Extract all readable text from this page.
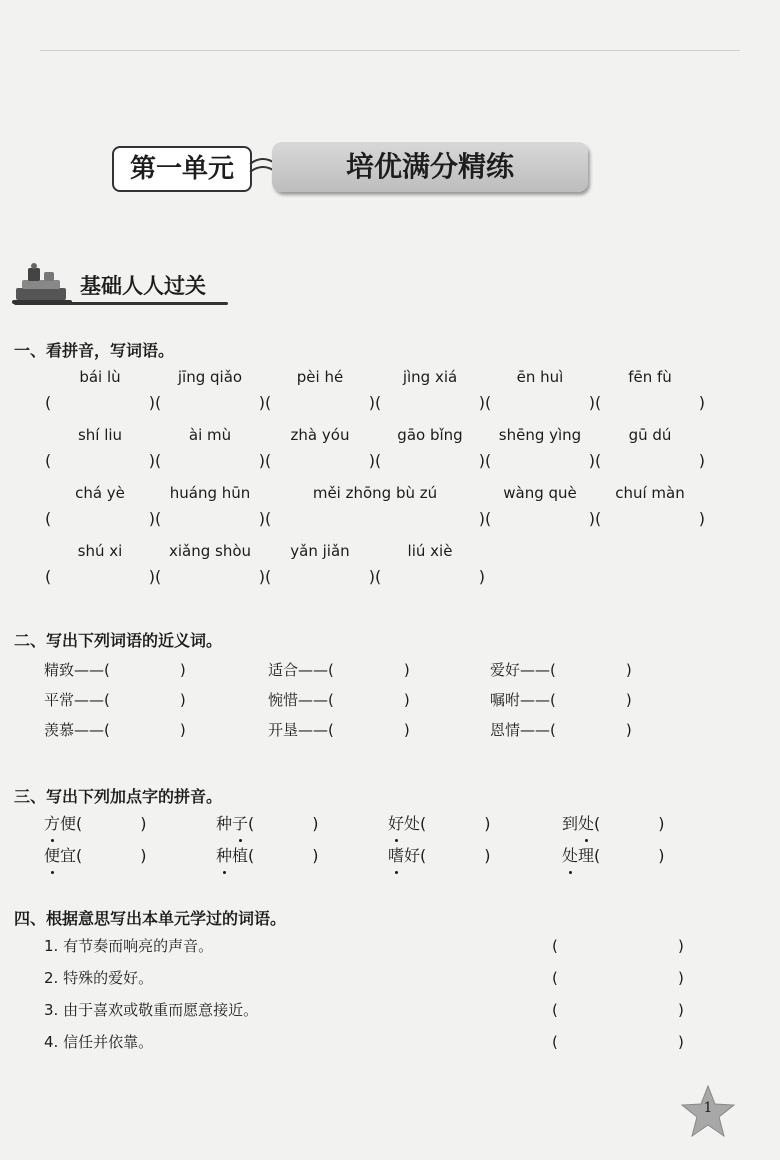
第一单元	培优满分精练
基础人人过关
一、看拼音，写词语。
bái lù
(	)
jīng qiǎo
(	)
pèi hé
(	)
jìng xiá
(	)
ēn huì
(	)
fēn fù
(	)
shí liu
(	)
ài mù
(	)
zhà yóu
(	)
gāo bǐng
(	)
shēng yìng
(	)
gū dú
(	)
chá yè
(	)
huáng hūn
(	)
měi zhōng bù zú
(	)
wàng què
(	)
chuí màn
(	)
shú xi
(	)
xiǎng shòu
(	)
yǎn jiǎn
(	)
liú xiè
(	)
二、写出下列词语的近义词。
精致——(	)	适合——(	)	爱好——(	)
平常——(	)	惋惜——(	)	嘱咐——(	)
羡慕——(	)	开垦——(	)	恩情——(	)
三、写出下列加点字的拼音。
方便(	)	种子(	)	好处(	)	到处(	)
便宜(	)	种植(	)	嗜好(	)	处理(	)
四、根据意思写出本单元学过的词语。
1. 有节奏而响亮的声音。	(	)
2. 特殊的爱好。	(	)
3. 由于喜欢或敬重而愿意接近。	(	)
4. 信任并依靠。	(	)
1
